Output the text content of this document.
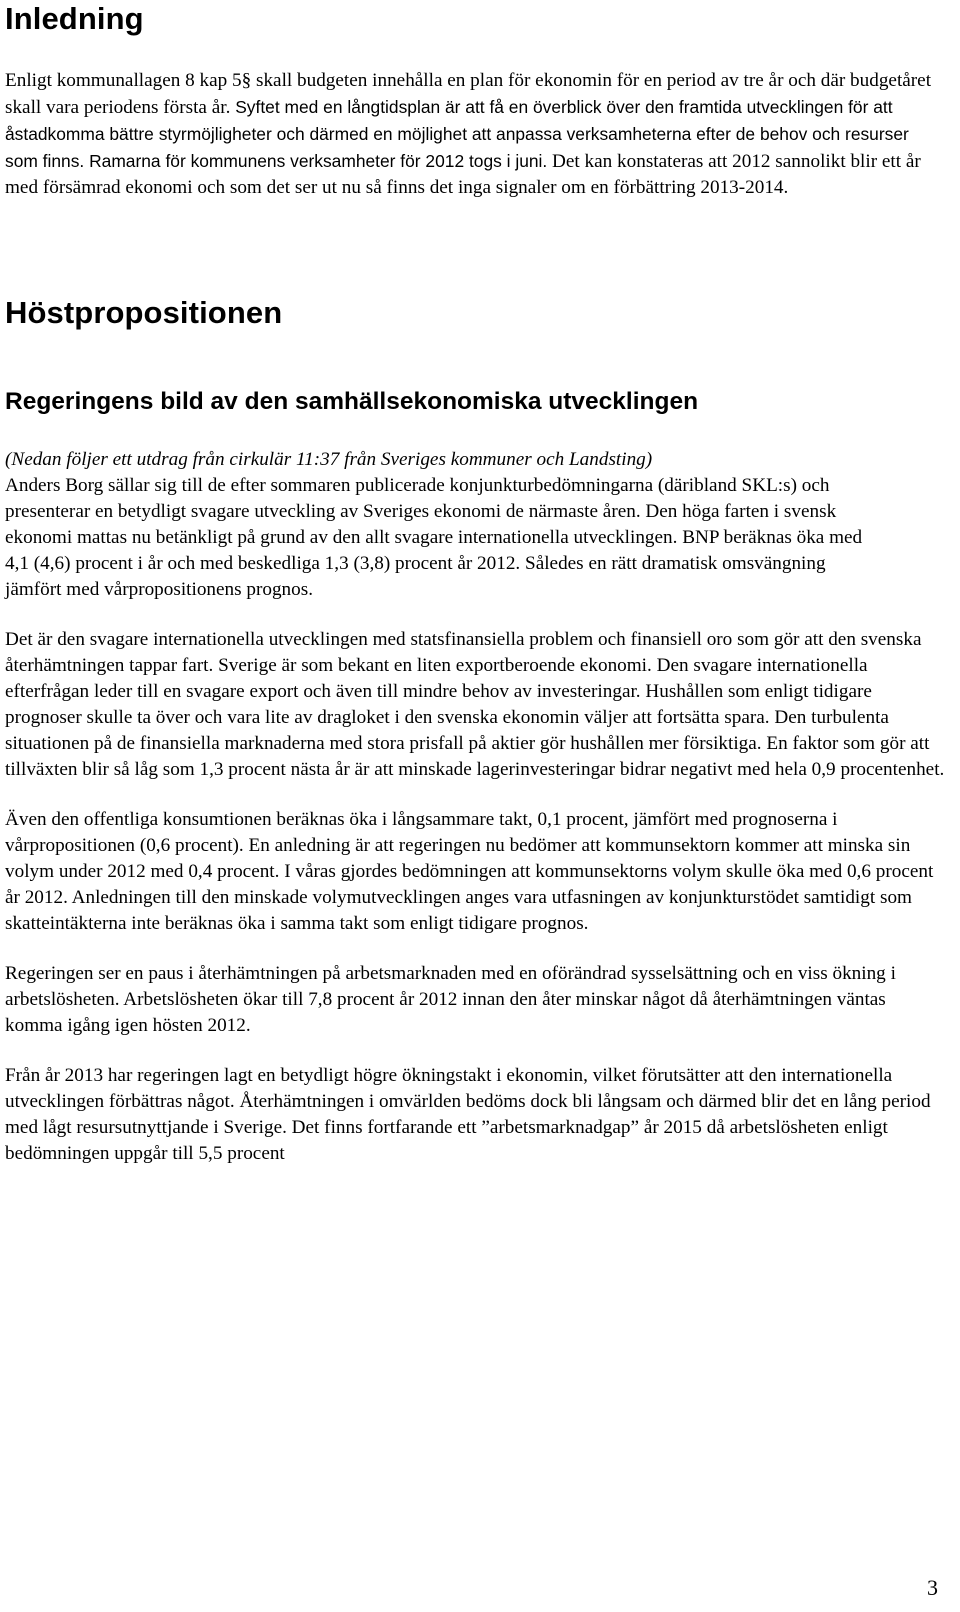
Inledning

Enligt kommunallagen 8 kap 5§ skall budgeten innehålla en plan för ekonomin för en period av tre år och där budgetåret skall vara periodens första år. Syftet med en långtidsplan är att få en överblick över den framtida utvecklingen för att åstadkomma bättre styrmöjligheter och därmed en möjlighet att anpassa verksamheterna efter de behov och resurser som finns. Ramarna för kommunens verksamheter för 2012 togs i juni. Det kan konstateras att 2012 sannolikt blir ett år med försämrad ekonomi och som det ser ut nu så finns det inga signaler om en förbättring 2013-2014.

Höstpropositionen
Regeringens bild av den samhällsekonomiska utvecklingen

(Nedan följer ett utdrag från cirkulär 11:37 från Sveriges kommuner och Landsting)
Anders Borg sällar sig till de efter sommaren publicerade konjunkturbedömningarna (däribland SKL:s) och presenterar en betydligt svagare utveckling av Sveriges ekonomi de närmaste åren. Den höga farten i svensk ekonomi mattas nu betänkligt på grund av den allt svagare internationella utvecklingen. BNP beräknas öka med 4,1 (4,6) procent i år och med beskedliga 1,3 (3,8) procent år 2012. Således en rätt dramatisk omsvängning jämfört med vårpropositionens prognos.

Det är den svagare internationella utvecklingen med statsfinansiella problem och finansiell oro som gör att den svenska återhämtningen tappar fart. Sverige är som bekant en liten exportberoende ekonomi. Den svagare internationella efterfrågan leder till en svagare export och även till mindre behov av investeringar. Hushållen som enligt tidigare prognoser skulle ta över och vara lite av dragloket i den svenska ekonomin väljer att fortsätta spara. Den turbulenta situationen på de finansiella marknaderna med stora prisfall på aktier gör hushållen mer försiktiga. En faktor som gör att tillväxten blir så låg som 1,3 procent nästa år är att minskade lagerinvesteringar bidrar negativt med hela 0,9 procentenhet.

Även den offentliga konsumtionen beräknas öka i långsammare takt, 0,1 procent, jämfört med prognoserna i vårpropositionen (0,6 procent). En anledning är att regeringen nu bedömer att kommunsektorn kommer att minska sin volym under 2012 med 0,4 procent. I våras gjordes bedömningen att kommunsektorns volym skulle öka med 0,6 procent år 2012. Anledningen till den minskade volymutvecklingen anges vara utfasningen av konjunkturstödet samtidigt som skatteintäkterna inte beräknas öka i samma takt som enligt tidigare prognos.

Regeringen ser en paus i återhämtningen på arbetsmarknaden med en oförändrad sysselsättning och en viss ökning i arbetslösheten. Arbetslösheten ökar till 7,8 procent år 2012 innan den åter minskar något då återhämtningen väntas komma igång igen hösten 2012.

Från år 2013 har regeringen lagt en betydligt högre ökningstakt i ekonomin, vilket förutsätter att den internationella utvecklingen förbättras något. Återhämtningen i omvärlden bedöms dock bli långsam och därmed blir det en lång period med lågt resursutnyttjande i Sverige. Det finns fortfarande ett ”arbetsmarknadgap” år 2015 då arbetslösheten enligt bedömningen uppgår till 5,5 procent

3
